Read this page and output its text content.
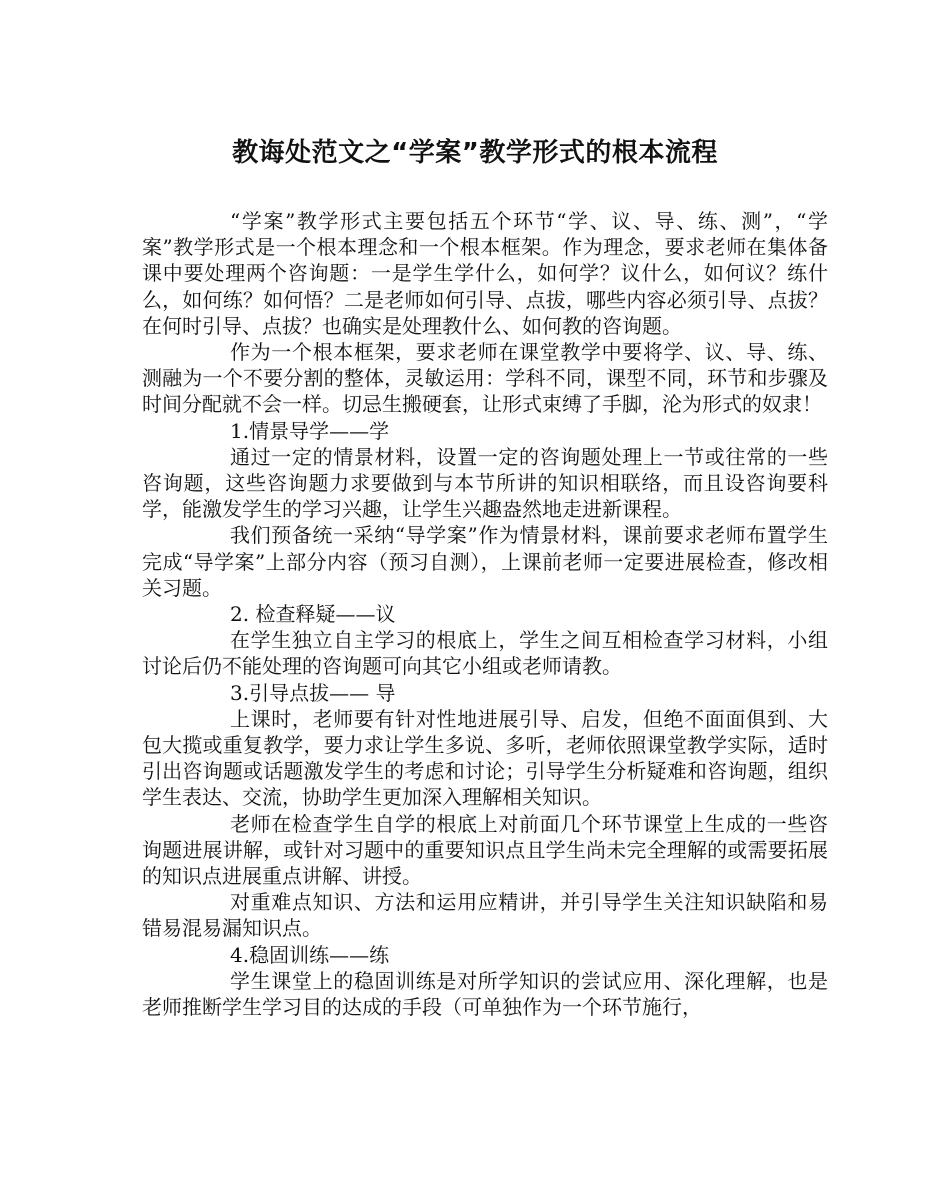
教诲处范文之“学案”教学形式的根本流程

“学案”教学形式主要包括五个环节“学、议、导、练、测”，“学案”教学形式是一个根本理念和一个根本框架。作为理念，要求老师在集体备课中要处理两个咨询题：一是学生学什么，如何学？议什么，如何议？练什么，如何练？如何悟？二是老师如何引导、点拔，哪些内容必须引导、点拔？在何时引导、点拔？也确实是处理教什么、如何教的咨询题。

作为一个根本框架，要求老师在课堂教学中要将学、议、导、练、测融为一个不要分割的整体，灵敏运用：学科不同，课型不同，环节和步骤及时间分配就不会一样。切忌生搬硬套，让形式束缚了手脚，沦为形式的奴隶！

1.情景导学——学

通过一定的情景材料，设置一定的咨询题处理上一节或往常的一些咨询题，这些咨询题力求要做到与本节所讲的知识相联络，而且设咨询要科学，能激发学生的学习兴趣，让学生兴趣盎然地走进新课程。

我们预备统一采纳“导学案”作为情景材料，课前要求老师布置学生完成“导学案”上部分内容（预习自测），上课前老师一定要进展检查，修改相关习题。

2. 检查释疑——议

在学生独立自主学习的根底上，学生之间互相检查学习材料，小组讨论后仍不能处理的咨询题可向其它小组或老师请教。

3.引导点拔—— 导

上课时，老师要有针对性地进展引导、启发，但绝不面面俱到、大包大揽或重复教学，要力求让学生多说、多听，老师依照课堂教学实际，适时引出咨询题或话题激发学生的考虑和讨论；引导学生分析疑难和咨询题，组织学生表达、交流，协助学生更加深入理解相关知识。

老师在检查学生自学的根底上对前面几个环节课堂上生成的一些咨询题进展讲解，或针对习题中的重要知识点且学生尚未完全理解的或需要拓展的知识点进展重点讲解、讲授。

对重难点知识、方法和运用应精讲，并引导学生关注知识缺陷和易错易混易漏知识点。

4.稳固训练——练

学生课堂上的稳固训练是对所学知识的尝试应用、深化理解，也是老师推断学生学习目的达成的手段（可单独作为一个环节施行，
